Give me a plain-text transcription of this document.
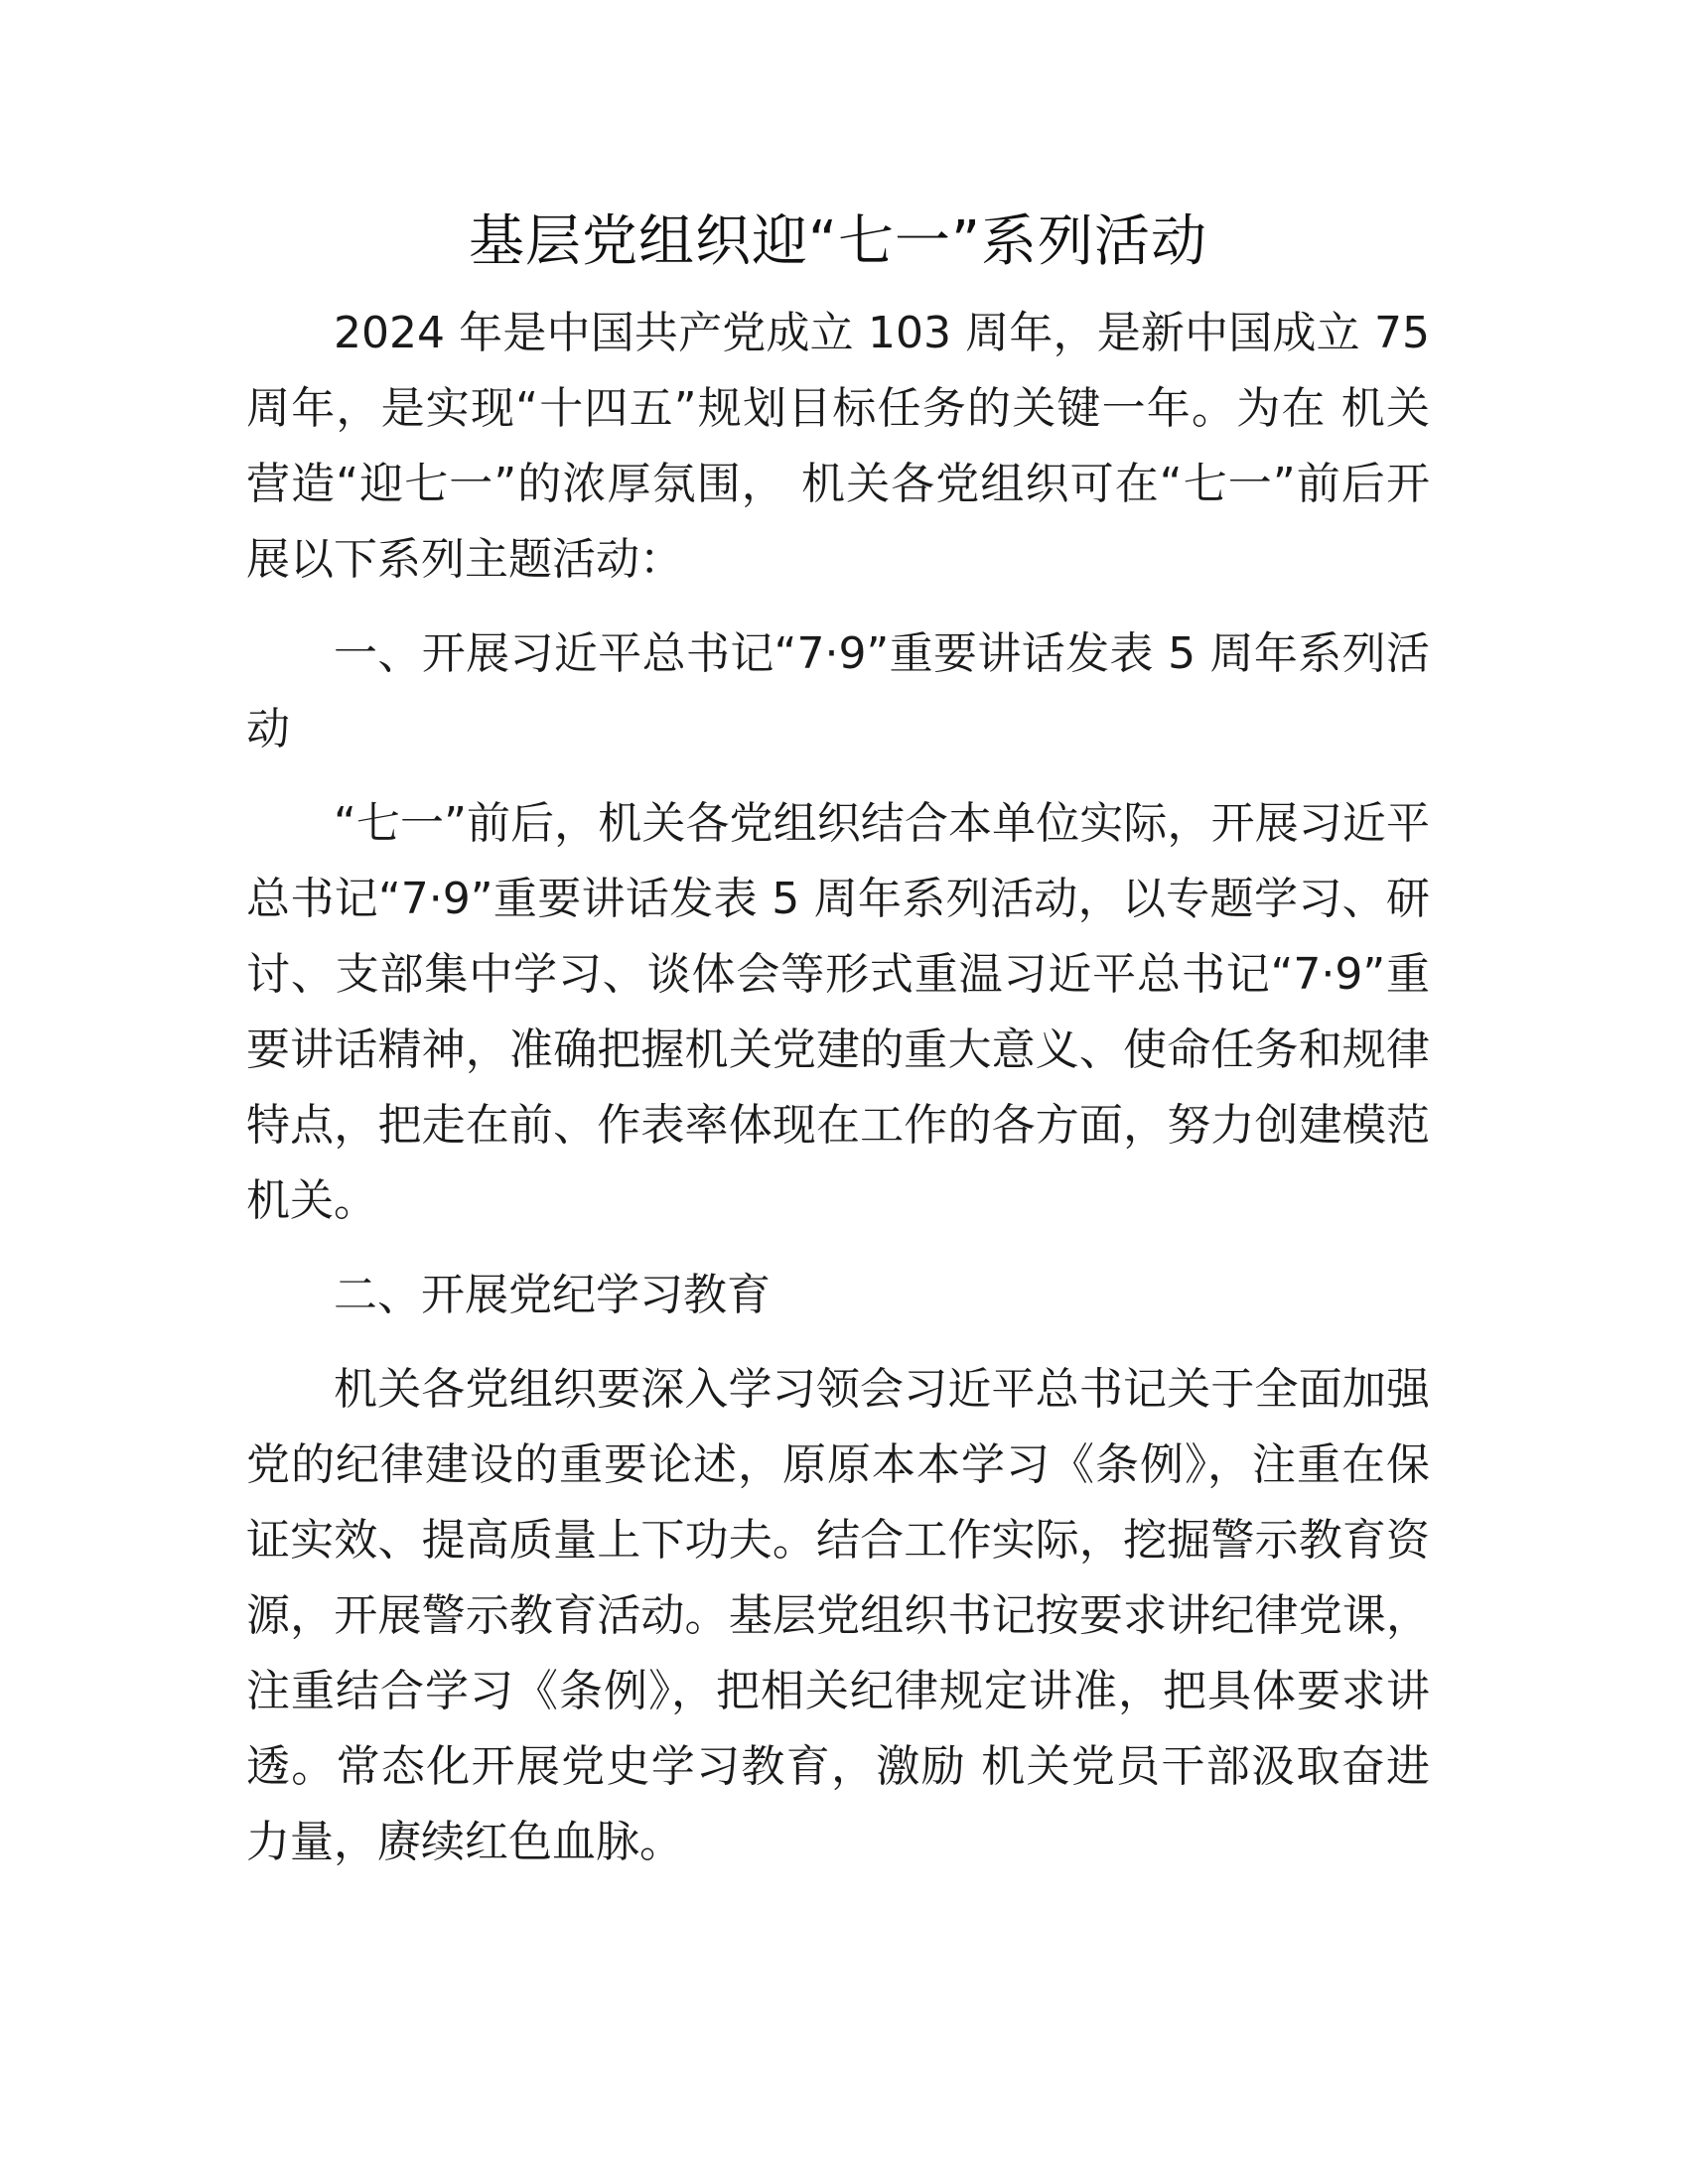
基层党组织迎“七一”系列活动

2024 年是中国共产党成立 103 周年，是新中国成立 75 周年，是实现“十四五”规划目标任务的关键一年。为在 机关营造“迎七一”的浓厚氛围， 机关各党组织可在“七一”前后开展以下系列主题活动：

一、开展习近平总书记“7·9”重要讲话发表 5 周年系列活动

“七一”前后，机关各党组织结合本单位实际，开展习近平总书记“7·9”重要讲话发表 5 周年系列活动，以专题学习、研讨、支部集中学习、谈体会等形式重温习近平总书记“7·9”重要讲话精神，准确把握机关党建的重大意义、使命任务和规律特点，把走在前、作表率体现在工作的各方面，努力创建模范机关。

二、开展党纪学习教育

机关各党组织要深入学习领会习近平总书记关于全面加强党的纪律建设的重要论述，原原本本学习《条例》，注重在保证实效、提高质量上下功夫。结合工作实际，挖掘警示教育资源，开展警示教育活动。基层党组织书记按要求讲纪律党课，注重结合学习《条例》，把相关纪律规定讲准，把具体要求讲透。常态化开展党史学习教育，激励 机关党员干部汲取奋进力量，赓续红色血脉。
